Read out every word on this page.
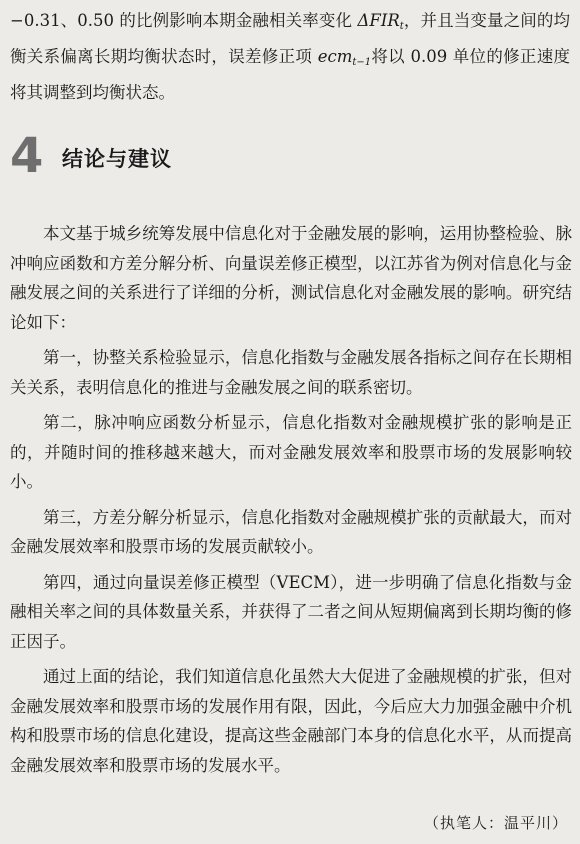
−0.31、0.50 的比例影响本期金融相关率变化 $\Delta FIR_t$，并且当变量之间的均衡关系偏离长期均衡状态时，误差修正项 ecm$_{t-1}$将以 0.09 单位的修正速度将其调整到均衡状态。

4 结论与建议

本文基于城乡统筹发展中信息化对于金融发展的影响，运用协整检验、脉冲响应函数和方差分解分析、向量误差修正模型，以江苏省为例对信息化与金融发展之间的关系进行了详细的分析，测试信息化对金融发展的影响。研究结论如下：

第一，协整关系检验显示，信息化指数与金融发展各指标之间存在长期相关关系，表明信息化的推进与金融发展之间的联系密切。

第二，脉冲响应函数分析显示，信息化指数对金融规模扩张的影响是正的，并随时间的推移越来越大，而对金融发展效率和股票市场的发展影响较小。

第三，方差分解分析显示，信息化指数对金融规模扩张的贡献最大，而对金融发展效率和股票市场的发展贡献较小。

第四，通过向量误差修正模型（VECM），进一步明确了信息化指数与金融相关率之间的具体数量关系，并获得了二者之间从短期偏离到长期均衡的修正因子。

通过上面的结论，我们知道信息化虽然大大促进了金融规模的扩张，但对金融发展效率和股票市场的发展作用有限，因此，今后应大力加强金融中介机构和股票市场的信息化建设，提高这些金融部门本身的信息化水平，从而提高金融发展效率和股票市场的发展水平。

（执笔人：温平川）
